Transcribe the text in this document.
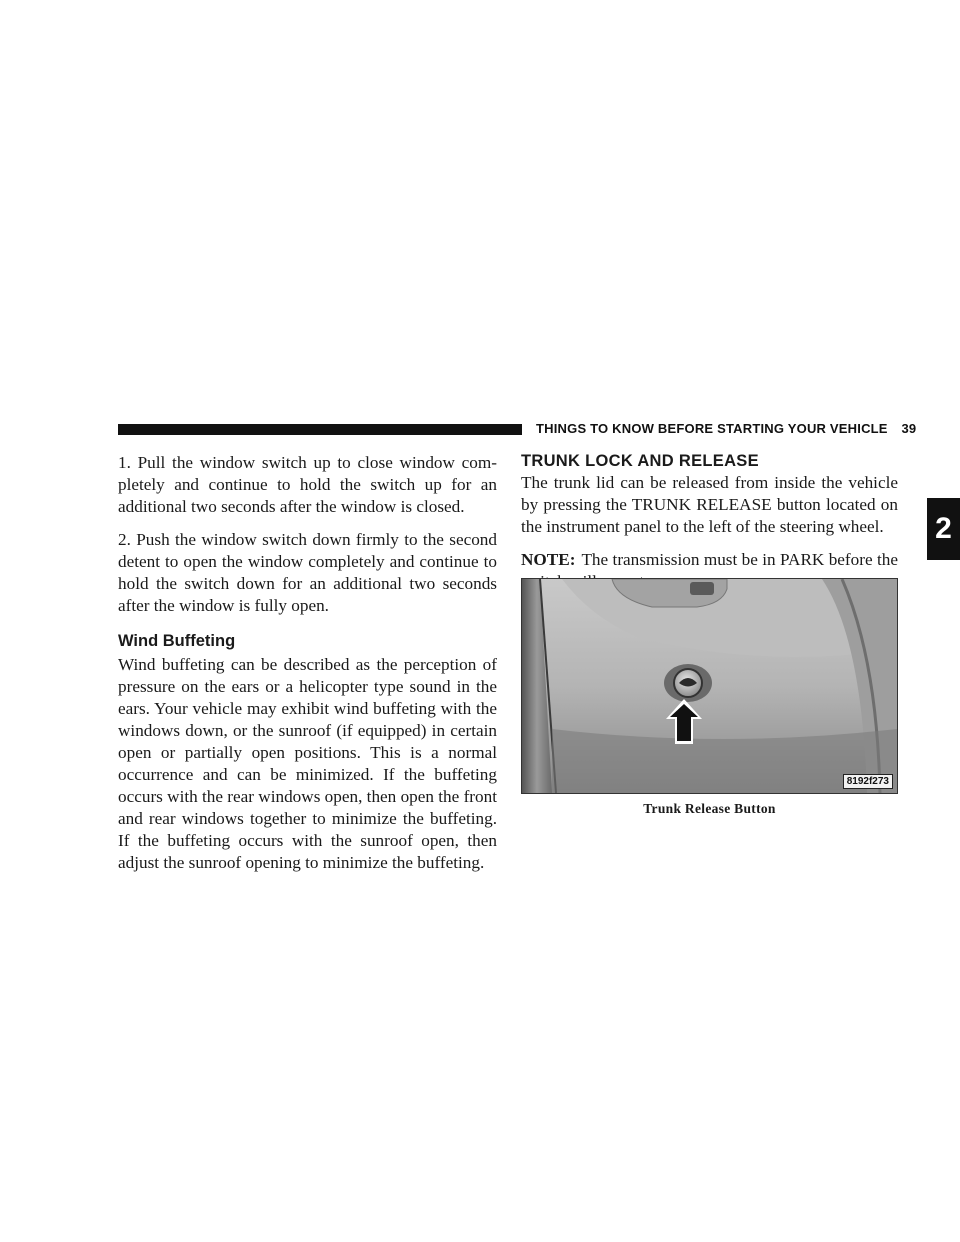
THINGS TO KNOW BEFORE STARTING YOUR VEHICLE 39
2

1. Pull the window switch up to close window completely and continue to hold the switch up for an additional two seconds after the window is closed.

2. Push the window switch down firmly to the second detent to open the window completely and continue to hold the switch down for an additional two seconds after the window is fully open.

Wind Buffeting

Wind buffeting can be described as the perception of pressure on the ears or a helicopter type sound in the ears. Your vehicle may exhibit wind buffeting with the windows down, or the sunroof (if equipped) in certain open or partially open positions. This is a normal occurrence and can be minimized. If the buffeting occurs with the rear windows open, then open the front and rear windows together to minimize the buffeting. If the buffeting occurs with the sunroof open, then adjust the sunroof opening to minimize the buffeting.

TRUNK LOCK AND RELEASE

The trunk lid can be released from inside the vehicle by pressing the TRUNK RELEASE button located on the instrument panel to the left of the steering wheel.

NOTE: The transmission must be in PARK before the

8192f273
Trunk Release Button
